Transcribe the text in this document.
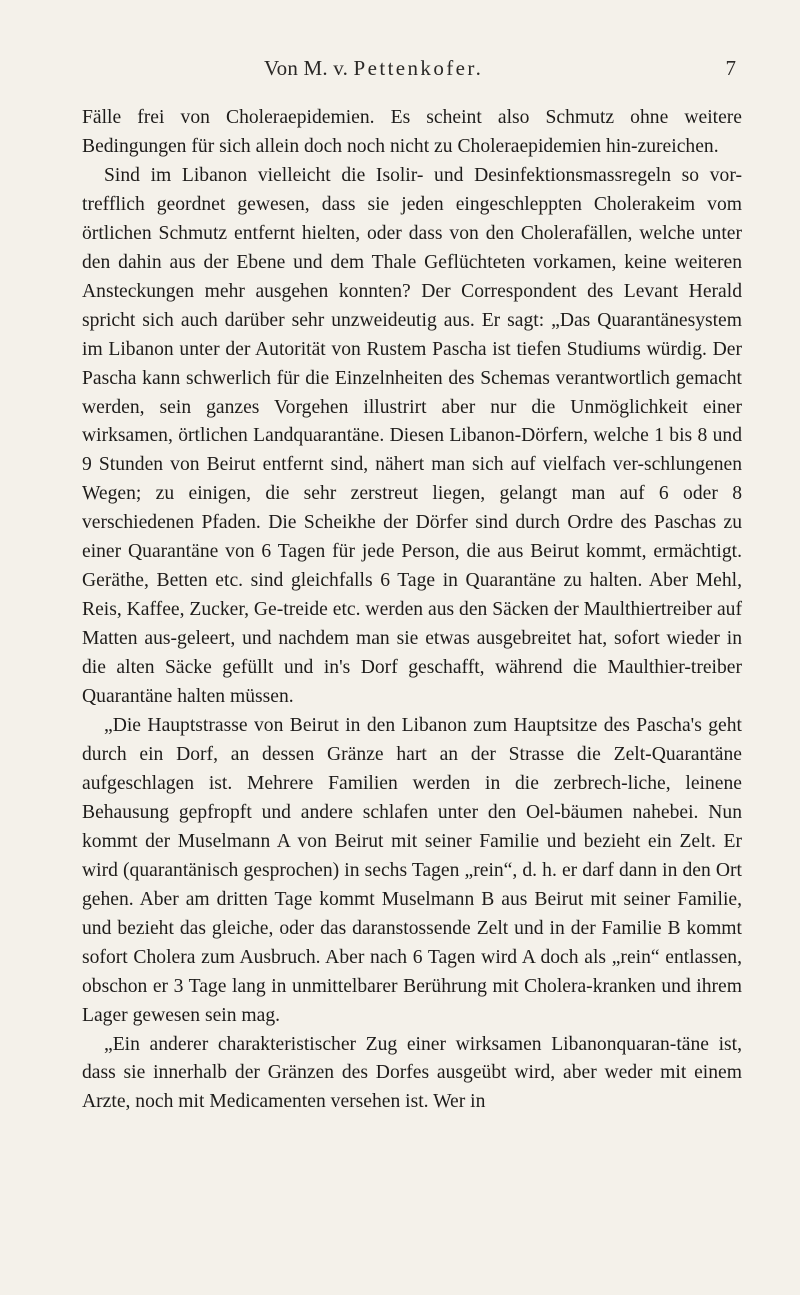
Von M. v. Pettenkofer.	7

Fälle frei von Choleraepidemien. Es scheint also Schmutz ohne weitere Bedingungen für sich allein doch noch nicht zu Choleraepidemien hin-zureichen.

Sind im Libanon vielleicht die Isolir- und Desinfektionsmassregeln so vor-trefflich geordnet gewesen, dass sie jeden eingeschleppten Cholerakeim vom örtlichen Schmutz entfernt hielten, oder dass von den Cholerafällen, welche unter den dahin aus der Ebene und dem Thale Geflüchteten vorkamen, keine weiteren Ansteckungen mehr ausgehen konnten? Der Correspondent des Levant Herald spricht sich auch darüber sehr unzweideutig aus. Er sagt: „Das Quarantänesystem im Libanon unter der Autorität von Rustem Pascha ist tiefen Studiums würdig. Der Pascha kann schwerlich für die Einzelnheiten des Schemas verantwortlich gemacht werden, sein ganzes Vorgehen illustrirt aber nur die Unmöglichkeit einer wirksamen, örtlichen Landquarantäne. Diesen Libanon-Dörfern, welche 1 bis 8 und 9 Stunden von Beirut entfernt sind, nähert man sich auf vielfach ver-schlungenen Wegen; zu einigen, die sehr zerstreut liegen, gelangt man auf 6 oder 8 verschiedenen Pfaden. Die Scheikhe der Dörfer sind durch Ordre des Paschas zu einer Quarantäne von 6 Tagen für jede Person, die aus Beirut kommt, ermächtigt. Geräthe, Betten etc. sind gleichfalls 6 Tage in Quarantäne zu halten. Aber Mehl, Reis, Kaffee, Zucker, Ge-treide etc. werden aus den Säcken der Maulthiertreiber auf Matten aus-geleert, und nachdem man sie etwas ausgebreitet hat, sofort wieder in die alten Säcke gefüllt und in's Dorf geschafft, während die Maulthier-treiber Quarantäne halten müssen.

„Die Hauptstrasse von Beirut in den Libanon zum Hauptsitze des Pascha's geht durch ein Dorf, an dessen Gränze hart an der Strasse die Zelt-Quarantäne aufgeschlagen ist. Mehrere Familien werden in die zerbrech-liche, leinene Behausung gepfropft und andere schlafen unter den Oel-bäumen nahebei. Nun kommt der Muselmann A von Beirut mit seiner Familie und bezieht ein Zelt. Er wird (quarantänisch gesprochen) in sechs Tagen „rein“, d. h. er darf dann in den Ort gehen. Aber am dritten Tage kommt Muselmann B aus Beirut mit seiner Familie, und bezieht das gleiche, oder das daranstossende Zelt und in der Familie B kommt sofort Cholera zum Ausbruch. Aber nach 6 Tagen wird A doch als „rein“ entlassen, obschon er 3 Tage lang in unmittelbarer Berührung mit Cholera-kranken und ihrem Lager gewesen sein mag.

„Ein anderer charakteristischer Zug einer wirksamen Libanonquaran-täne ist, dass sie innerhalb der Gränzen des Dorfes ausgeübt wird, aber weder mit einem Arzte, noch mit Medicamenten versehen ist. Wer in
